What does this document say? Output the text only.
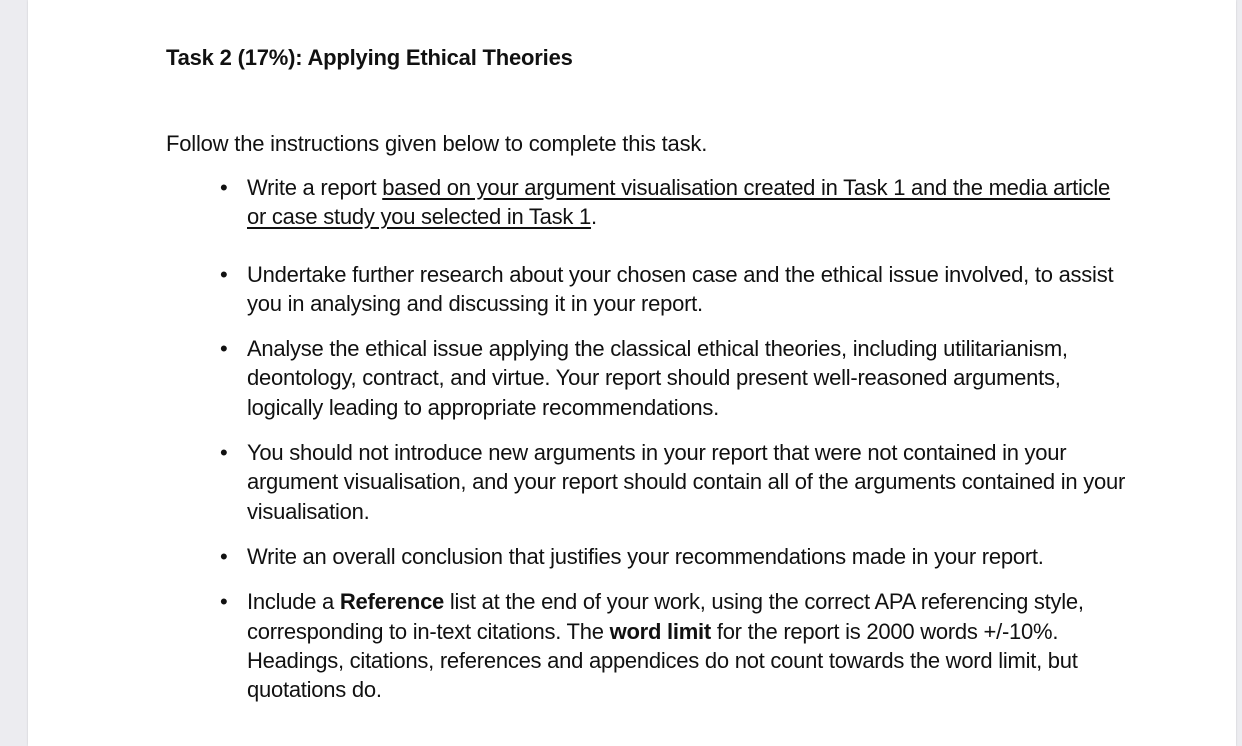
Task 2 (17%): Applying Ethical Theories

Follow the instructions given below to complete this task.

• Write a report based on your argument visualisation created in Task 1 and the media article or case study you selected in Task 1.
• Undertake further research about your chosen case and the ethical issue involved, to assist you in analysing and discussing it in your report.
• Analyse the ethical issue applying the classical ethical theories, including utilitarianism, deontology, contract, and virtue. Your report should present well-reasoned arguments, logically leading to appropriate recommendations.
• You should not introduce new arguments in your report that were not contained in your argument visualisation, and your report should contain all of the arguments contained in your visualisation.
• Write an overall conclusion that justifies your recommendations made in your report.
• Include a Reference list at the end of your work, using the correct APA referencing style, corresponding to in-text citations. The word limit for the report is 2000 words +/-10%. Headings, citations, references and appendices do not count towards the word limit, but quotations do.
